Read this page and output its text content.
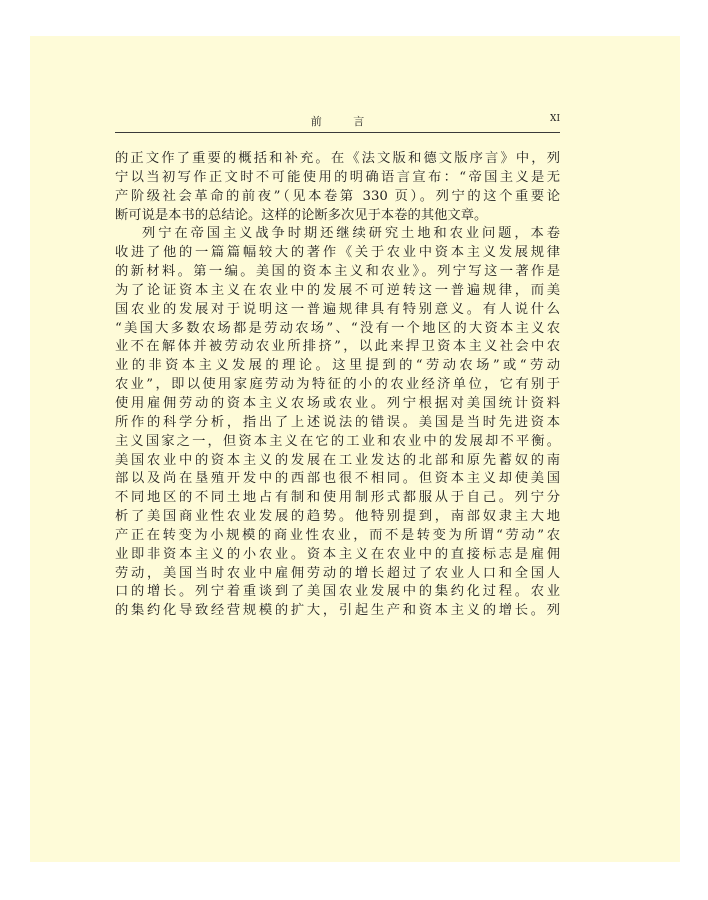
前 言	XI
的正文作了重要的概括和补充。在《法文版和德文版序言》中，列
宁以当初写作正文时不可能使用的明确语言宣布：“帝国主义是无
产阶级社会革命的前夜”（见本卷第 330 页）。列宁的这个重要论
断可说是本书的总结论。这样的论断多次见于本卷的其他文章。
列宁在帝国主义战争时期还继续研究土地和农业问题，本卷
收进了他的一篇篇幅较大的著作《关于农业中资本主义发展规律
的新材料。第一编。美国的资本主义和农业》。列宁写这一著作是
为了论证资本主义在农业中的发展不可逆转这一普遍规律，而美
国农业的发展对于说明这一普遍规律具有特别意义。有人说什么
“美国大多数农场都是劳动农场”、“没有一个地区的大资本主义农
业不在解体并被劳动农业所排挤”，以此来捍卫资本主义社会中农
业的非资本主义发展的理论。这里提到的“劳动农场”或“劳动
农业”，即以使用家庭劳动为特征的小的农业经济单位，它有别于
使用雇佣劳动的资本主义农场或农业。列宁根据对美国统计资料
所作的科学分析，指出了上述说法的错误。美国是当时先进资本
主义国家之一，但资本主义在它的工业和农业中的发展却不平衡。
美国农业中的资本主义的发展在工业发达的北部和原先蓄奴的南
部以及尚在垦殖开发中的西部也很不相同。但资本主义却使美国
不同地区的不同土地占有制和使用制形式都服从于自己。列宁分
析了美国商业性农业发展的趋势。他特别提到，南部奴隶主大地
产正在转变为小规模的商业性农业，而不是转变为所谓“劳动”农
业即非资本主义的小农业。资本主义在农业中的直接标志是雇佣
劳动，美国当时农业中雇佣劳动的增长超过了农业人口和全国人
口的增长。列宁着重谈到了美国农业发展中的集约化过程。农业
的集约化导致经营规模的扩大，引起生产和资本主义的增长。列
